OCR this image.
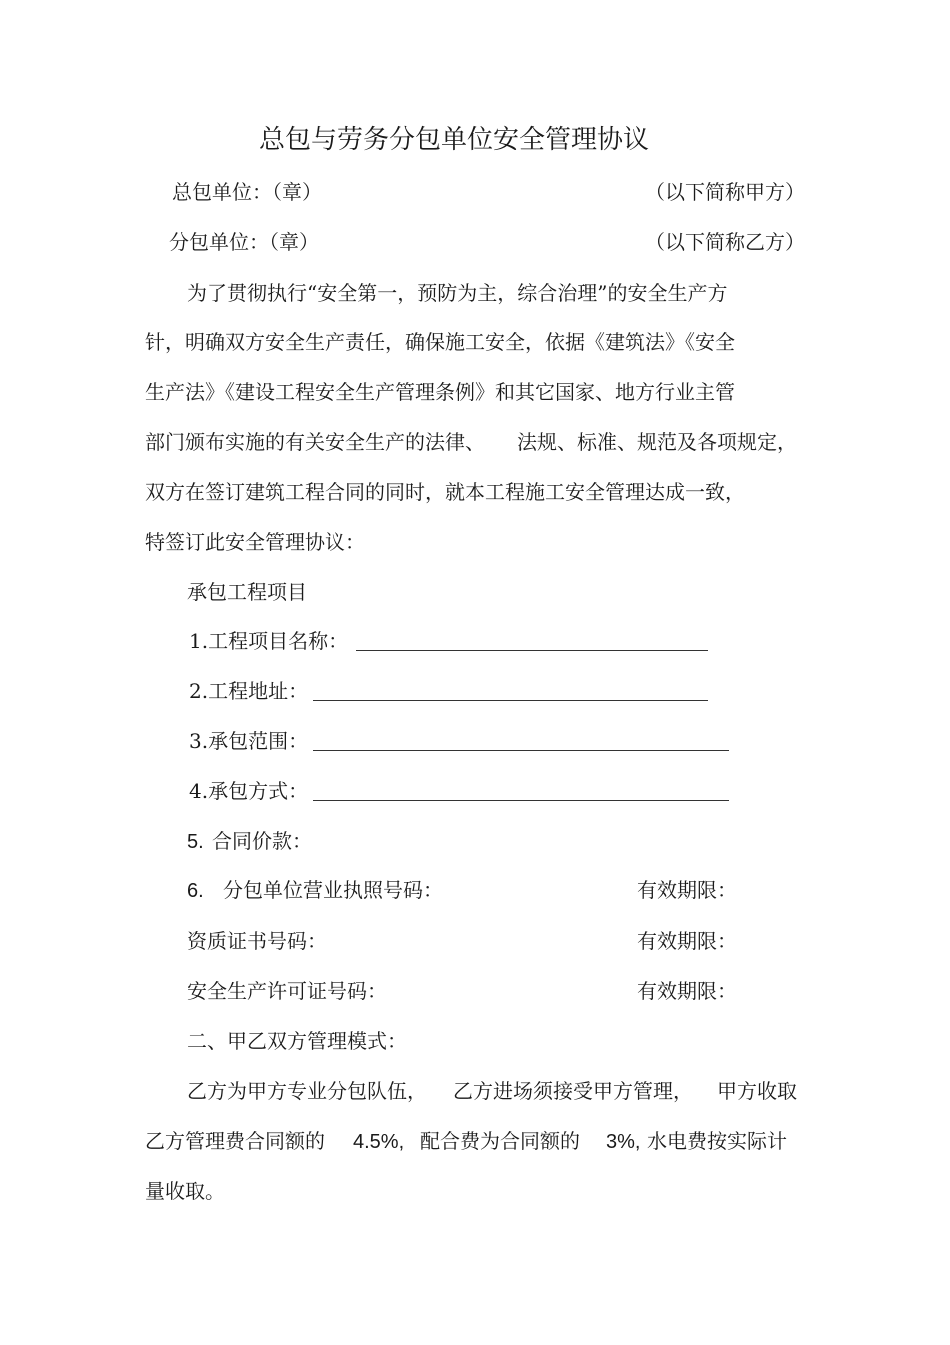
总包与劳务分包单位安全管理协议
总包单位：（章）	（以下简称甲方）
分包单位：（章）	（以下简称乙方）
为了贯彻执行“安全第一，预防为主，综合治理”的安全生产方
针，明确双方安全生产责任，确保施工安全，依据《建筑法》《安全
生产法》《建设工程安全生产管理条例》和其它国家、地方行业主管
部门颁布实施的有关安全生产的法律、 法规、标准、规范及各项规定，
双方在签订建筑工程合同的同时，就本工程施工安全管理达成一致，
特签订此安全管理协议：
承包工程项目
1.工程项目名称：
2.工程地址：
3.承包范围：
4.承包方式：
5. 合同价款：
6. 分包单位营业执照号码：	有效期限：
资质证书号码：	有效期限：
安全生产许可证号码：	有效期限：
二、甲乙双方管理模式：
乙方为甲方专业分包队伍， 乙方进场须接受甲方管理， 甲方收取
乙方管理费合同额的 4.5%, 配合费为合同额的 3%, 水电费按实际计
量收取。
